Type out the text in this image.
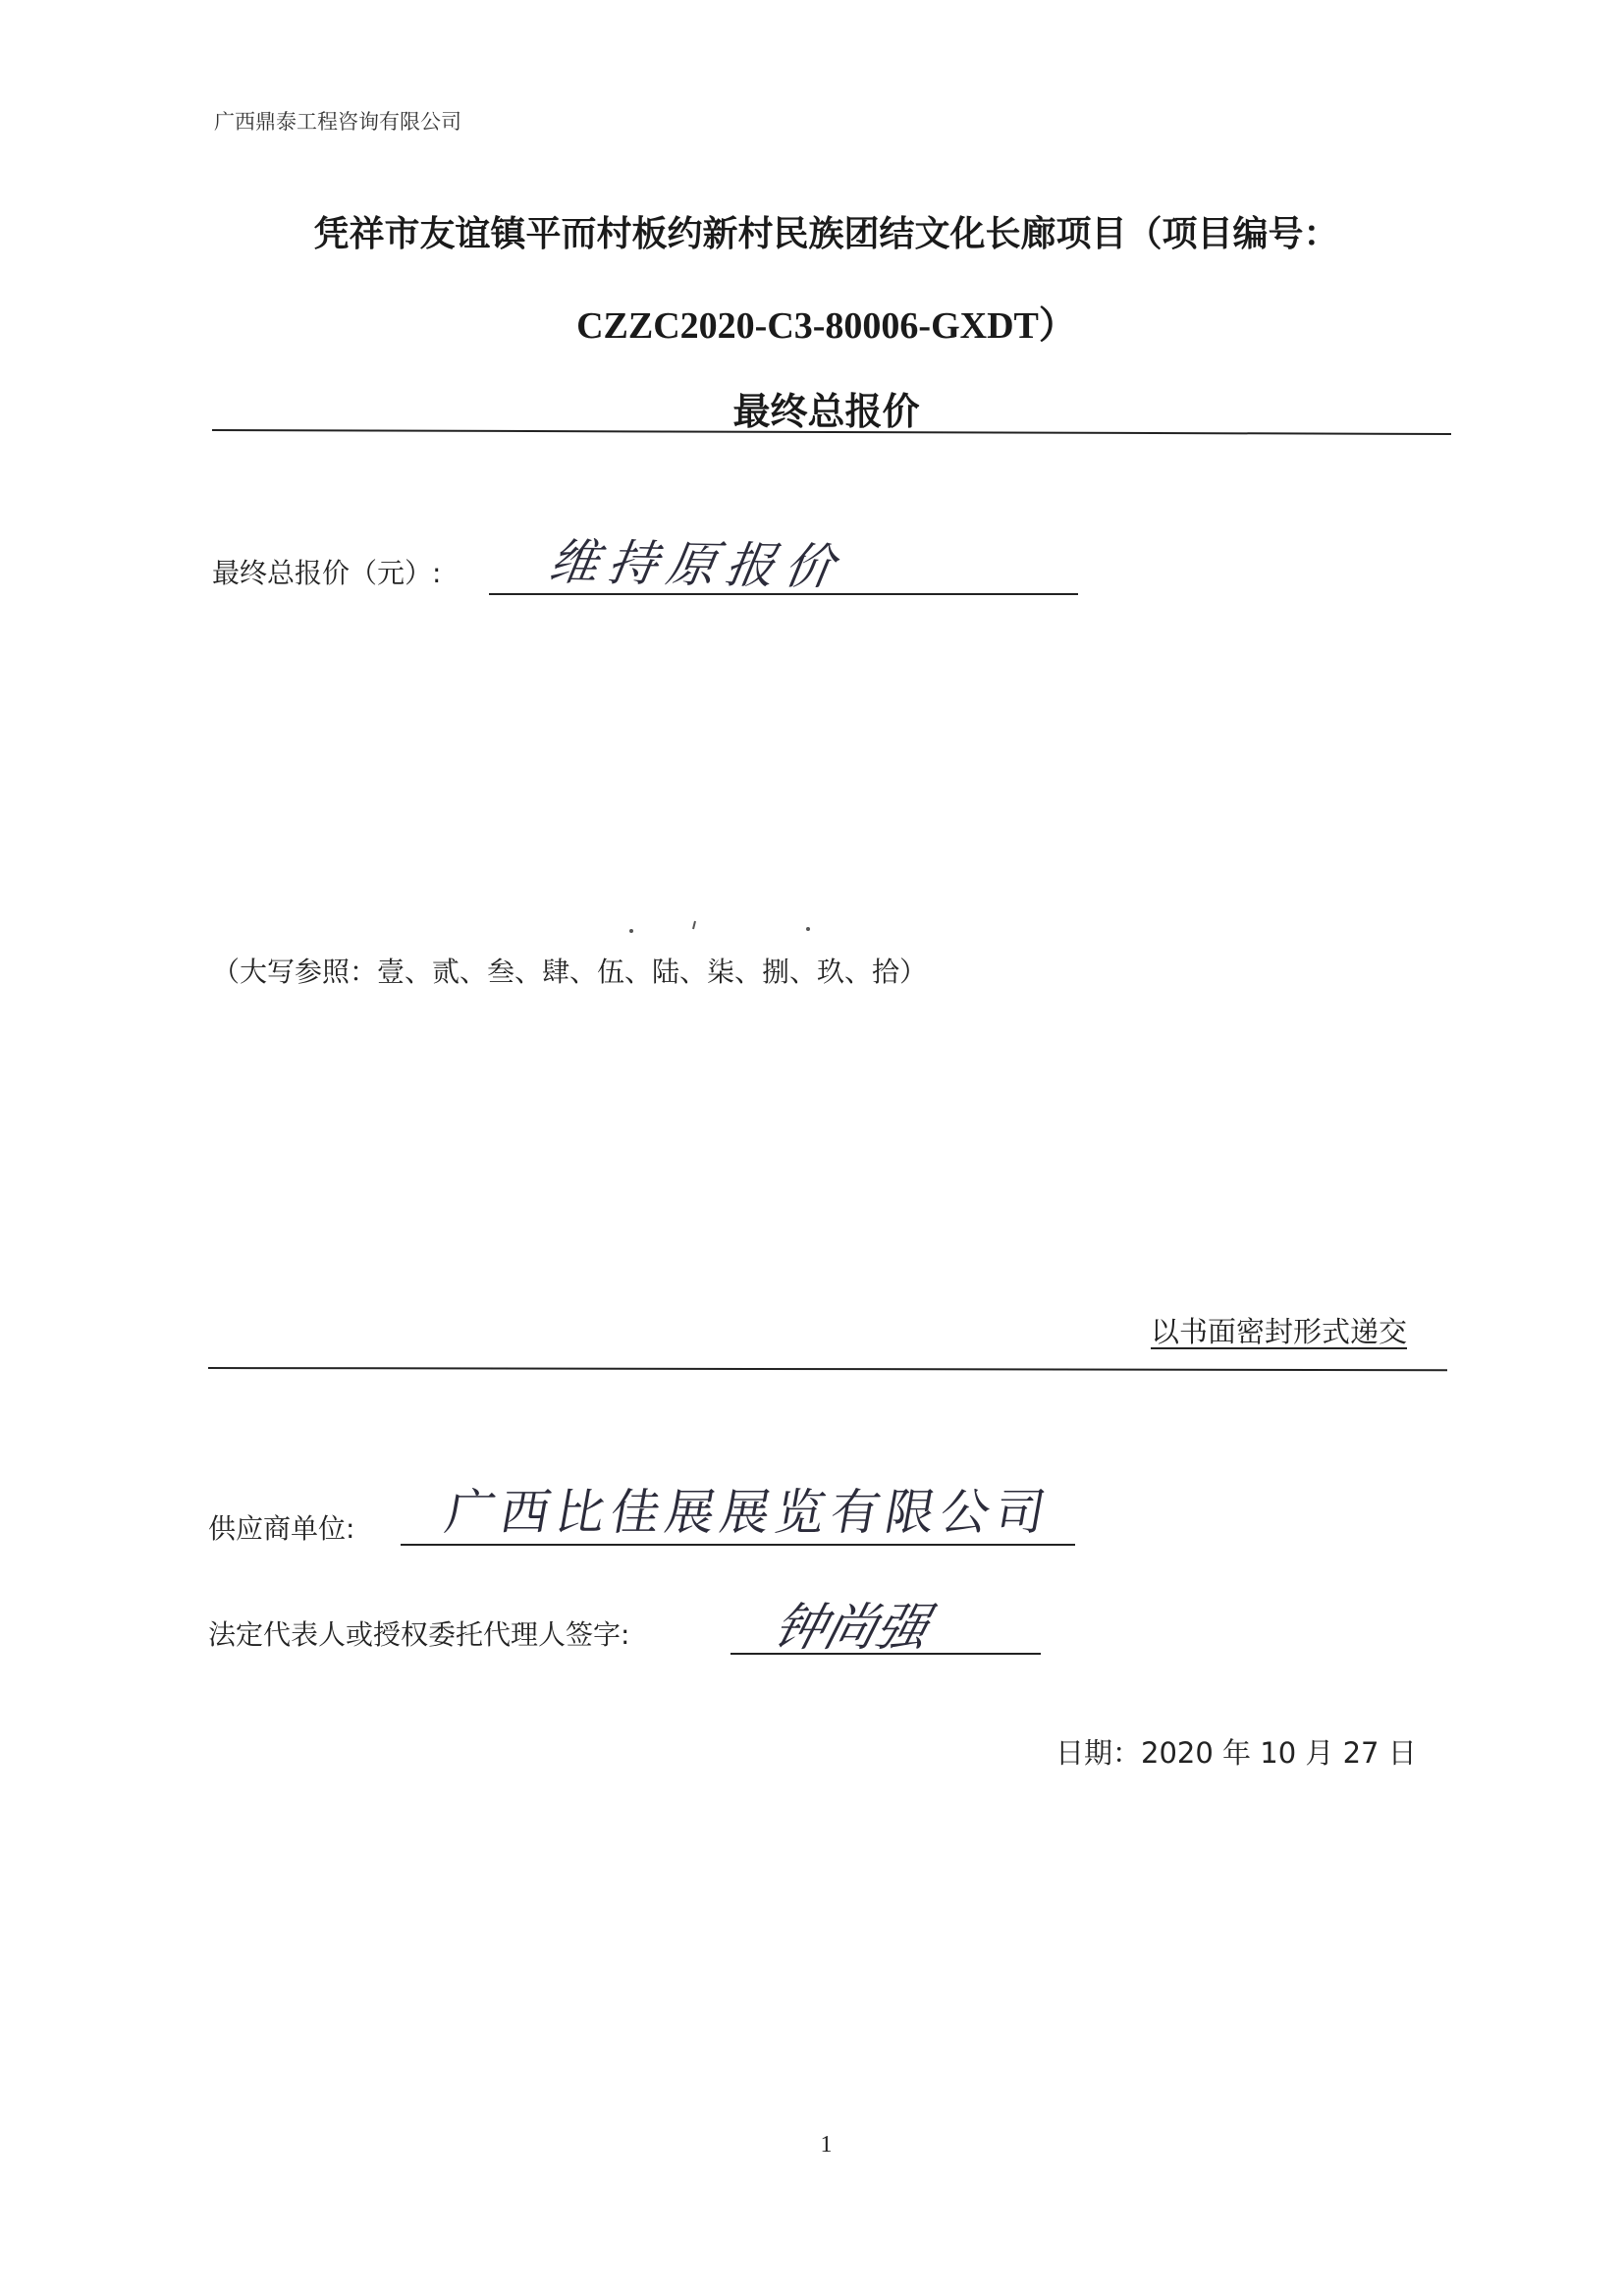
广西鼎泰工程咨询有限公司
凭祥市友谊镇平而村板约新村民族团结文化长廊项目（项目编号：
CZZC2020-C3-80006-GXDT）
最终总报价
最终总报价（元）: 维持原报价
（大写参照：壹、贰、叁、肆、伍、陆、柒、捌、玖、拾）
以书面密封形式递交
供应商单位: 广西比佳展展览有限公司
法定代表人或授权委托代理人签字:	钟尚强
日期：2020 年 10 月 27 日
1
